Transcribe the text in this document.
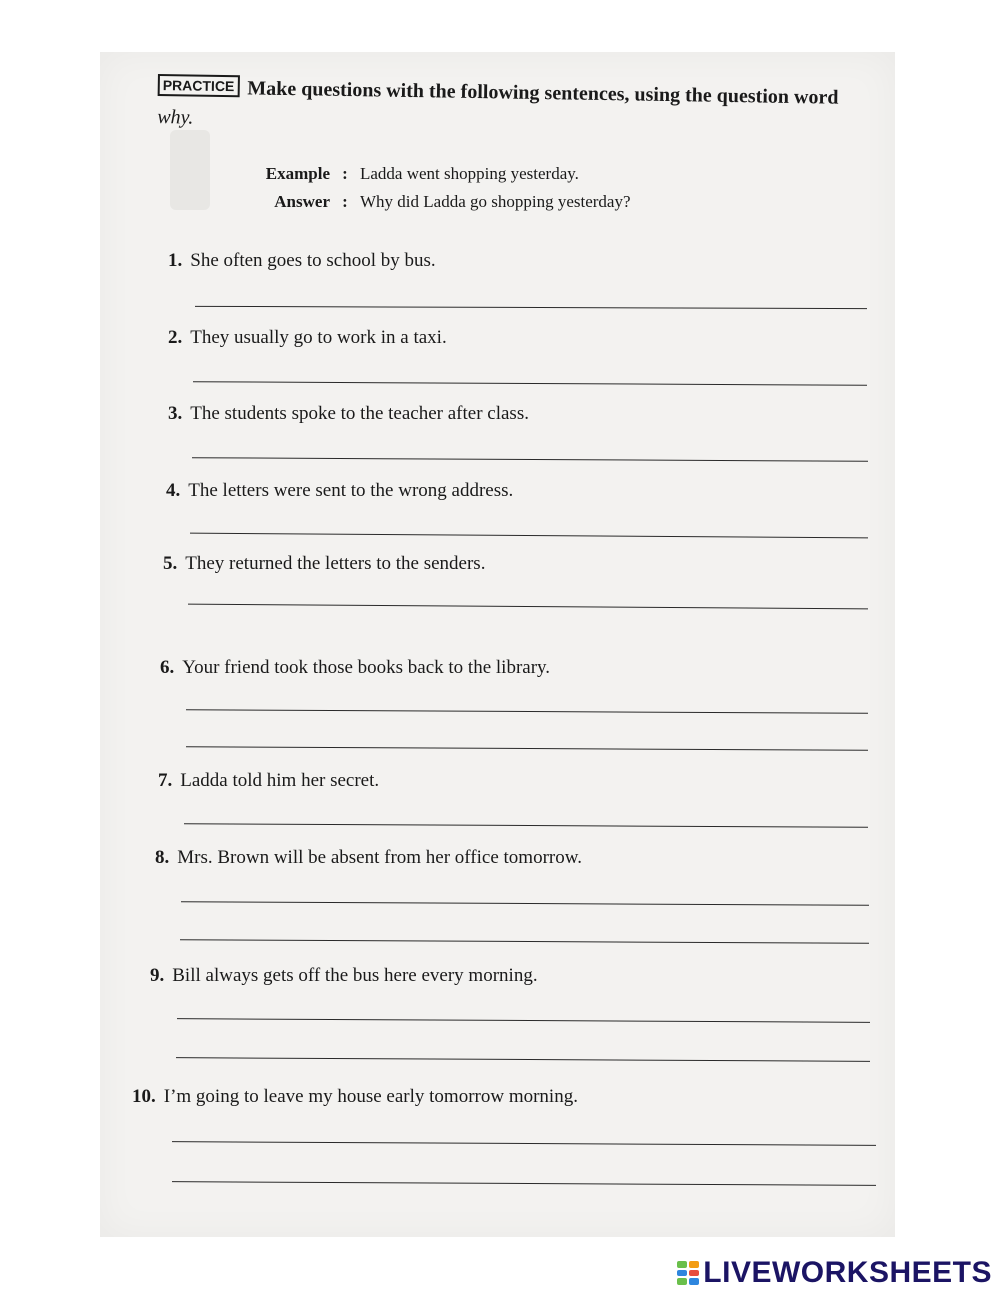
PRACTICE Make questions with the following sentences, using the question word why.
Example : Ladda went shopping yesterday.
Answer : Why did Ladda go shopping yesterday?
1. She often goes to school by bus.
2. They usually go to work in a taxi.
3. The students spoke to the teacher after class.
4. The letters were sent to the wrong address.
5. They returned the letters to the senders.
6. Your friend took those books back to the library.
7. Ladda told him her secret.
8. Mrs. Brown will be absent from her office tomorrow.
9. Bill always gets off the bus here every morning.
10. I’m going to leave my house early tomorrow morning.
LIVEWORKSHEETS
